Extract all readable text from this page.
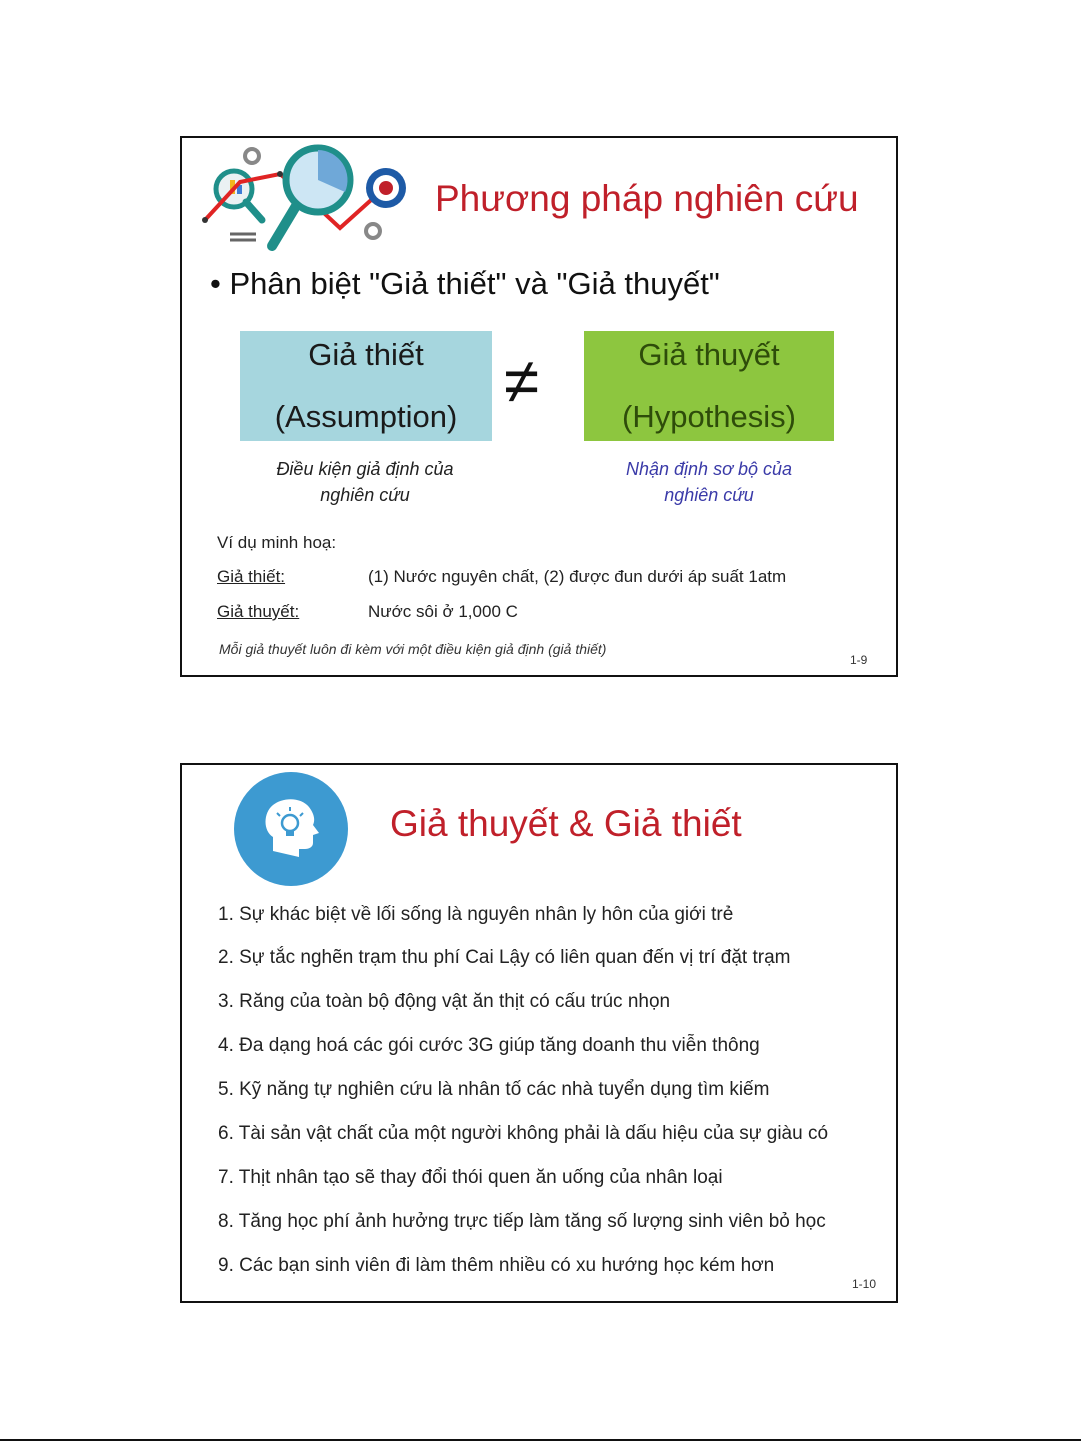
Phương pháp nghiên cứu
• Phân biệt "Giả thiết" và "Giả thuyết"
Giả thiết
(Assumption) ≠	Giả thuyết
(Hypothesis)
Điều kiện giả định của
nghiên cứu
Nhận định sơ bộ của
nghiên cứu
Ví dụ minh hoạ:
Giả thiết:	(1) Nước nguyên chất, (2) được đun dưới áp suất 1atm
Giả thuyết:	Nước sôi ở 1,000 C
Mỗi giả thuyết luôn đi kèm với một điều kiện giả định (giả thiết)
1-9
Giả thuyết & Giả thiết
1. Sự khác biệt về lối sống là nguyên nhân ly hôn của giới trẻ
2. Sự tắc nghẽn trạm thu phí Cai Lậy có liên quan đến vị trí đặt trạm
3. Răng của toàn bộ động vật ăn thịt có cấu trúc nhọn
4. Đa dạng hoá các gói cước 3G giúp tăng doanh thu viễn thông
5. Kỹ năng tự nghiên cứu là nhân tố các nhà tuyển dụng tìm kiếm
6. Tài sản vật chất của một người không phải là dấu hiệu của sự giàu có
7. Thịt nhân tạo sẽ thay đổi thói quen ăn uống của nhân loại
8. Tăng học phí ảnh hưởng trực tiếp làm tăng số lượng sinh viên bỏ học
9. Các bạn sinh viên đi làm thêm nhiều có xu hướng học kém hơn
1-10
